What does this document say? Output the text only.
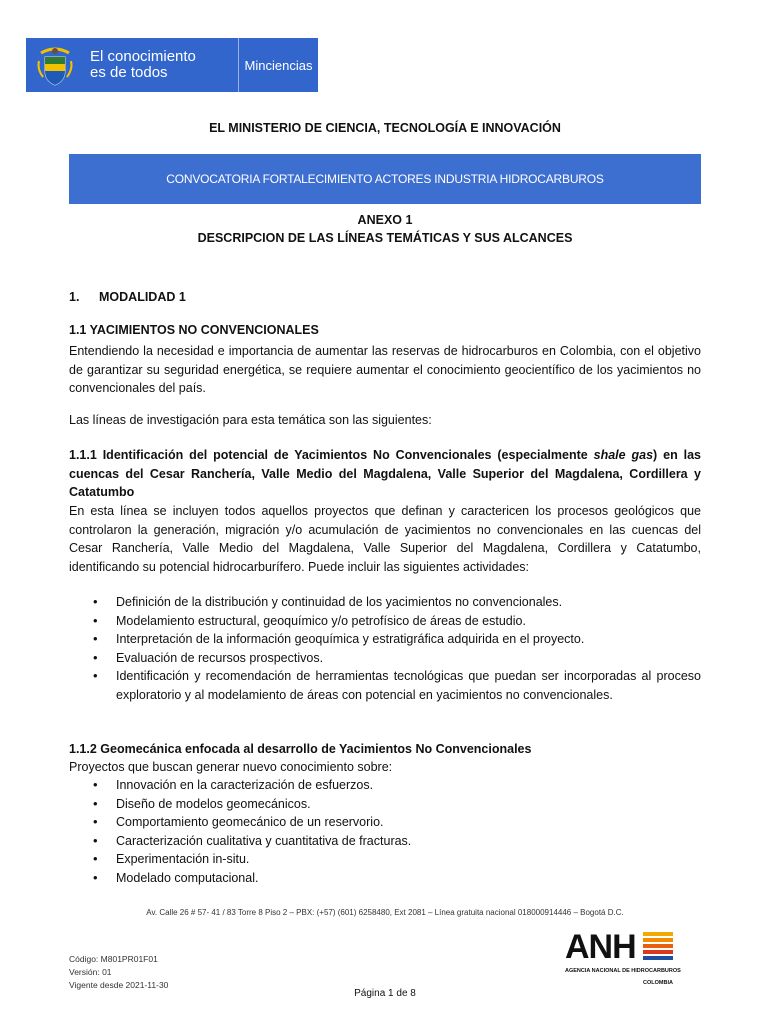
El conocimiento
es de todos	Minciencias
EL MINISTERIO DE CIENCIA, TECNOLOGÍA E INNOVACIÓN
CONVOCATORIA FORTALECIMIENTO ACTORES INDUSTRIA HIDROCARBUROS
ANEXO 1
DESCRIPCION DE LAS LÍNEAS TEMÁTICAS Y SUS ALCANCES
1. MODALIDAD 1
1.1 YACIMIENTOS NO CONVENCIONALES
Entendiendo la necesidad e importancia de aumentar las reservas de hidrocarburos en Colombia, con el objetivo de garantizar su seguridad energética, se requiere aumentar el conocimiento geocientífico de los yacimientos no convencionales del país.
Las líneas de investigación para esta temática son las siguientes:
1.1.1 Identificación del potencial de Yacimientos No Convencionales (especialmente shale gas) en las cuencas del Cesar Ranchería, Valle Medio del Magdalena, Valle Superior del Magdalena, Cordillera y Catatumbo
En esta línea se incluyen todos aquellos proyectos que definan y caractericen los procesos geológicos que controlaron la generación, migración y/o acumulación de yacimientos no convencionales en las cuencas del Cesar Ranchería, Valle Medio del Magdalena, Valle Superior del Magdalena, Cordillera y Catatumbo, identificando su potencial hidrocarburífero. Puede incluir las siguientes actividades:
• Definición de la distribución y continuidad de los yacimientos no convencionales.
• Modelamiento estructural, geoquímico y/o petrofísico de áreas de estudio.
• Interpretación de la información geoquímica y estratigráfica adquirida en el proyecto.
• Evaluación de recursos prospectivos.
• Identificación y recomendación de herramientas tecnológicas que puedan ser incorporadas al proceso exploratorio y al modelamiento de áreas con potencial en yacimientos no convencionales.
1.1.2 Geomecánica enfocada al desarrollo de Yacimientos No Convencionales
Proyectos que buscan generar nuevo conocimiento sobre:
• Innovación en la caracterización de esfuerzos.
• Diseño de modelos geomecánicos.
• Comportamiento geomecánico de un reservorio.
• Caracterización cualitativa y cuantitativa de fracturas.
• Experimentación in-situ.
• Modelado computacional.
Av. Calle 26 # 57- 41 / 83 Torre 8 Piso 2 – PBX: (+57) (601) 6258480, Ext 2081 – Línea gratuita nacional 018000914446 – Bogotá D.C.
Código: M801PR01F01
Versión: 01
Vigente desde 2021-11-30
ANH
AGENCIA NACIONAL DE HIDROCARBUROS
COLOMBIA
Página 1 de 8
